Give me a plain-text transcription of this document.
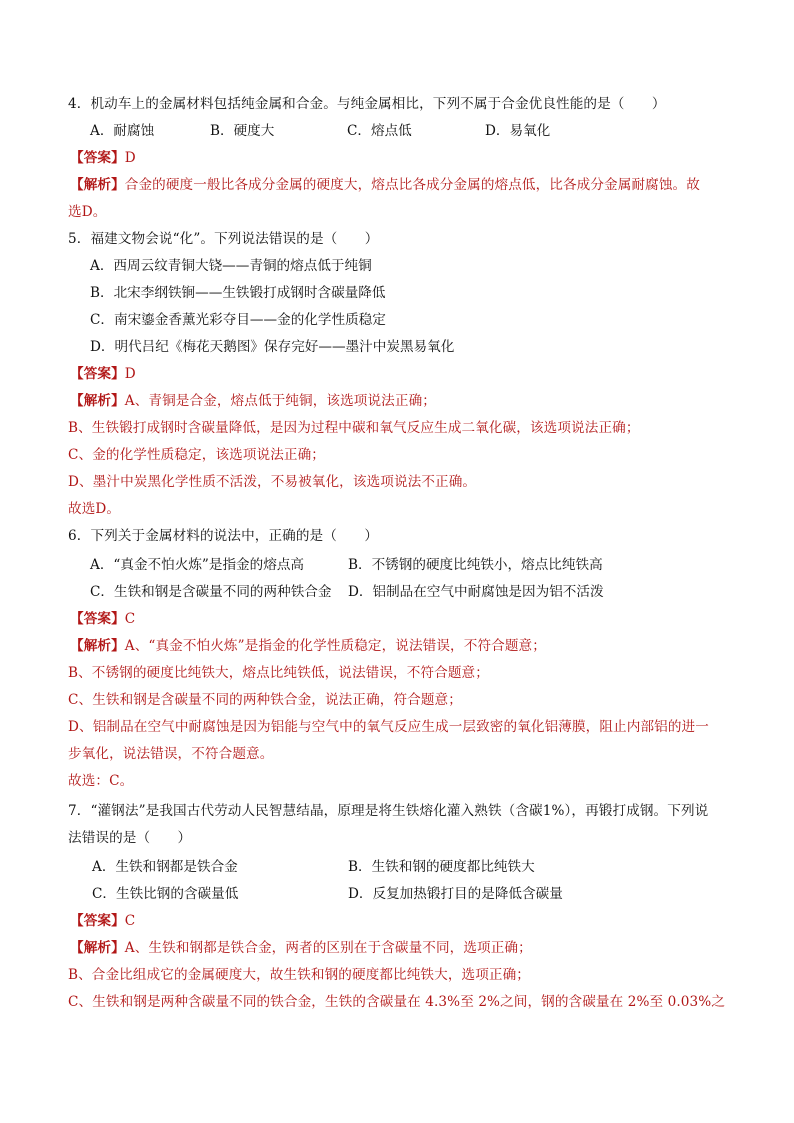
4．机动车上的金属材料包括纯金属和合金。与纯金属相比，下列不属于合金优良性能的是（　　）
A．耐腐蚀	B．硬度大	C．熔点低	D．易氧化
【答案】D
【解析】合金的硬度一般比各成分金属的硬度大，熔点比各成分金属的熔点低，比各成分金属耐腐蚀。故
选D。
5．福建文物会说“化”。下列说法错误的是（　　）
A．西周云纹青铜大铙——青铜的熔点低于纯铜
B．北宋李纲铁锏——生铁锻打成钢时含碳量降低
C．南宋鎏金香薰光彩夺目——金的化学性质稳定
D．明代吕纪《梅花天鹅图》保存完好——墨汁中炭黑易氧化
【答案】D
【解析】A、青铜是合金，熔点低于纯铜，该选项说法正确；
B、生铁锻打成钢时含碳量降低，是因为过程中碳和氧气反应生成二氧化碳，该选项说法正确；
C、金的化学性质稳定，该选项说法正确；
D、墨汁中炭黑化学性质不活泼，不易被氧化，该选项说法不正确。
故选D。
6．下列关于金属材料的说法中，正确的是（　　）
A．“真金不怕火炼”是指金的熔点高	B．不锈钢的硬度比纯铁小，熔点比纯铁高
C．生铁和钢是含碳量不同的两种铁合金 D．铝制品在空气中耐腐蚀是因为铝不活泼
【答案】C
【解析】A、“真金不怕火炼”是指金的化学性质稳定，说法错误，不符合题意；
B、不锈钢的硬度比纯铁大，熔点比纯铁低，说法错误，不符合题意；
C、生铁和钢是含碳量不同的两种铁合金，说法正确，符合题意；
D、铝制品在空气中耐腐蚀是因为铝能与空气中的氧气反应生成一层致密的氧化铝薄膜，阻止内部铝的进一
步氧化，说法错误，不符合题意。
故选：C。
7．“灌钢法”是我国古代劳动人民智慧结晶，原理是将生铁熔化灌入熟铁（含碳1%），再锻打成钢。下列说
法错误的是（　　）
A．生铁和钢都是铁合金	B．生铁和钢的硬度都比纯铁大
C．生铁比钢的含碳量低	D．反复加热锻打目的是降低含碳量
【答案】C
【解析】A、生铁和钢都是铁合金，两者的区别在于含碳量不同，选项正确；
B、合金比组成它的金属硬度大，故生铁和钢的硬度都比纯铁大，选项正确；
C、生铁和钢是两种含碳量不同的铁合金，生铁的含碳量在 4.3%至 2%之间，钢的含碳量在 2%至 0.03%之
